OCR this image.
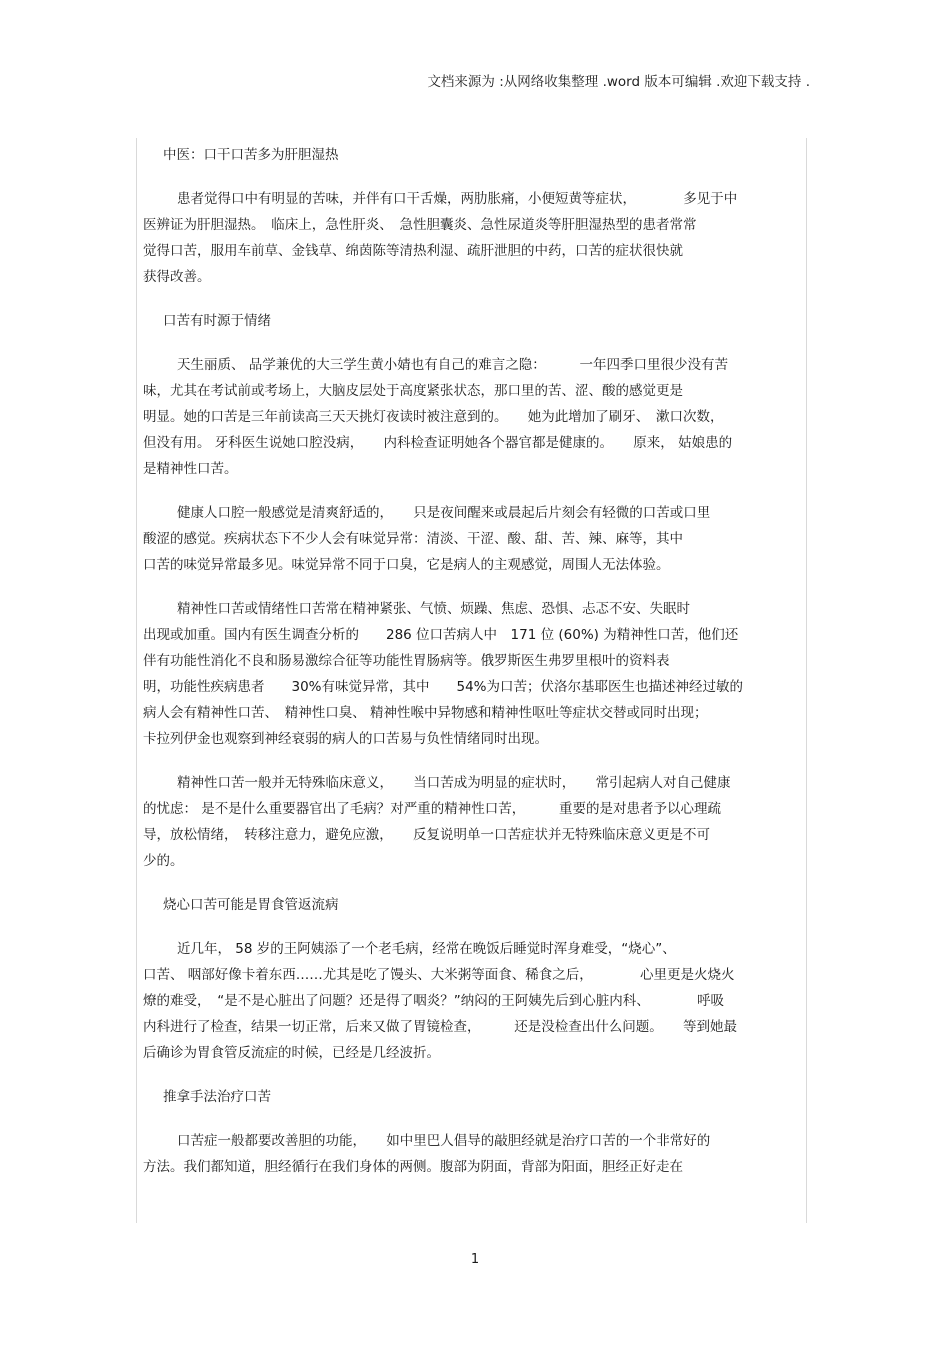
文档来源为 :从网络收集整理 .word 版本可编辑 .欢迎下载支持 .
中医：口干口苦多为肝胆湿热
患者觉得口中有明显的苦味，并伴有口干舌燥，两肋胀痛，小便短黄等症状，　　　　多见于中
医辨证为肝胆湿热。　临床上，急性肝炎、　急性胆囊炎、急性尿道炎等肝胆湿热型的患者常常
觉得口苦，服用车前草、金钱草、绵茵陈等清热利湿、疏肝泄胆的中药，口苦的症状很快就
获得改善。
口苦有时源于情绪
天生丽质、 品学兼优的大三学生黄小婧也有自己的难言之隐：　　　一年四季口里很少没有苦
味，尤其在考试前或考场上，大脑皮层处于高度紧张状态，那口里的苦、涩、酸的感觉更是
明显。她的口苦是三年前读高三天天挑灯夜读时被注意到的。　　她为此增加了刷牙、　漱口次数，
但没有用。 牙科医生说她口腔没病，　　内科检查证明她各个器官都是健康的。　　原来， 姑娘患的
是精神性口苦。
健康人口腔一般感觉是清爽舒适的，　　只是夜间醒来或晨起后片刻会有轻微的口苦或口里
酸涩的感觉。疾病状态下不少人会有味觉异常：清淡、干涩、酸、甜、苦、辣、麻等，其中
口苦的味觉异常最多见。味觉异常不同于口臭，它是病人的主观感觉，周围人无法体验。
精神性口苦或情绪性口苦常在精神紧张、气愤、烦躁、焦虑、恐惧、忐忑不安、失眠时
出现或加重。国内有医生调查分析的　　286 位口苦病人中　171 位 (60%) 为精神性口苦，他们还
伴有功能性消化不良和肠易激综合征等功能性胃肠病等。俄罗斯医生弗罗里根叶的资料表
明，功能性疾病患者　　30%有味觉异常，其中　　54%为口苦；伏洛尔基耶医生也描述神经过敏的
病人会有精神性口苦、　精神性口臭、 精神性喉中异物感和精神性呕吐等症状交替或同时出现；
卡拉列伊金也观察到神经衰弱的病人的口苦易与负性情绪同时出现。
精神性口苦一般并无特殊临床意义，　　当口苦成为明显的症状时，　　常引起病人对自己健康
的忧虑： 是不是什么重要器官出了毛病？对严重的精神性口苦，　　　重要的是对患者予以心理疏
导，放松情绪，　转移注意力，避免应激，　　反复说明单一口苦症状并无特殊临床意义更是不可
少的。
烧心口苦可能是胃食管返流病
近几年， 58 岁的王阿姨添了一个老毛病，经常在晚饭后睡觉时浑身难受，“烧心”、
口苦、 咽部好像卡着东西……尤其是吃了馒头、大米粥等面食、稀食之后，　　　　心里更是火烧火
燎的难受，　“是不是心脏出了问题？还是得了咽炎？”纳闷的王阿姨先后到心脏内科、　　　　呼吸
内科进行了检查，结果一切正常，后来又做了胃镜检查，　　　还是没检查出什么问题。　　等到她最
后确诊为胃食管反流症的时候，已经是几经波折。
推拿手法治疗口苦
口苦症一般都要改善胆的功能，　　如中里巴人倡导的敲胆经就是治疗口苦的一个非常好的
方法。我们都知道，胆经循行在我们身体的两侧。腹部为阴面，背部为阳面，胆经正好走在
1
